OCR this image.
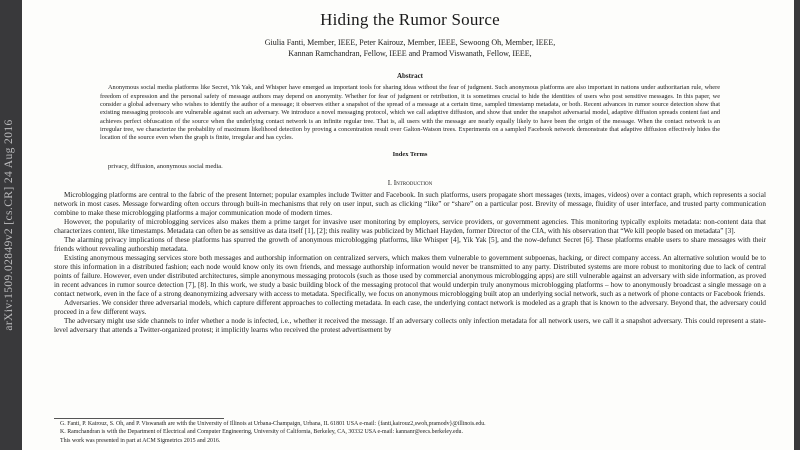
arXiv:1509.02849v2 [cs.CR] 24 Aug 2016
Hiding the Rumor Source
Giulia Fanti, Member, IEEE, Peter Kairouz, Member, IEEE, Sewoong Oh, Member, IEEE,
Kannan Ramchandran, Fellow, IEEE and Pramod Viswanath, Fellow, IEEE,
Abstract

Anonymous social media platforms like Secret, Yik Yak, and Whisper have emerged as important tools for sharing ideas without the fear of judgment. Such anonymous platforms are also important in nations under authoritarian rule, where freedom of expression and the personal safety of message authors may depend on anonymity. Whether for fear of judgment or retribution, it is sometimes crucial to hide the identities of users who post sensitive messages. In this paper, we consider a global adversary who wishes to identify the author of a message; it observes either a snapshot of the spread of a message at a certain time, sampled timestamp metadata, or both. Recent advances in rumor source detection show that existing messaging protocols are vulnerable against such an adversary. We introduce a novel messaging protocol, which we call adaptive diffusion, and show that under the snapshot adversarial model, adaptive diffusion spreads content fast and achieves perfect obfuscation of the source when the underlying contact network is an infinite regular tree. That is, all users with the message are nearly equally likely to have been the origin of the message. When the contact network is an irregular tree, we characterize the probability of maximum likelihood detection by proving a concentration result over Galton-Watson trees. Experiments on a sampled Facebook network demonstrate that adaptive diffusion effectively hides the location of the source even when the graph is finite, irregular and has cycles.

Index Terms

privacy, diffusion, anonymous social media.

I. Introduction

Microblogging platforms are central to the fabric of the present Internet; popular examples include Twitter and Facebook. In such platforms, users propagate short messages (texts, images, videos) over a contact graph, which represents a social network in most cases. Message forwarding often occurs through built-in mechanisms that rely on user input, such as clicking “like” or “share” on a particular post. Brevity of message, fluidity of user interface, and trusted party communication combine to make these microblogging platforms a major communication mode of modern times.

However, the popularity of microblogging services also makes them a prime target for invasive user monitoring by employers, service providers, or government agencies. This monitoring typically exploits metadata: non-content data that characterizes content, like timestamps. Metadata can often be as sensitive as data itself [1], [2]; this reality was publicized by Michael Hayden, former Director of the CIA, with his observation that “We kill people based on metadata” [3].

The alarming privacy implications of these platforms has spurred the growth of anonymous microblogging platforms, like Whisper [4], Yik Yak [5], and the now-defunct Secret [6]. These platforms enable users to share messages with their friends without revealing authorship metadata.

Existing anonymous messaging services store both messages and authorship information on centralized servers, which makes them vulnerable to government subpoenas, hacking, or direct company access. An alternative solution would be to store this information in a distributed fashion; each node would know only its own friends, and message authorship information would never be transmitted to any party. Distributed systems are more robust to monitoring due to lack of central points of failure. However, even under distributed architectures, simple anonymous messaging protocols (such as those used by commercial anonymous microblogging apps) are still vulnerable against an adversary with side information, as proved in recent advances in rumor source detection [7], [8]. In this work, we study a basic building block of the messaging protocol that would underpin truly anonymous microblogging platforms – how to anonymously broadcast a single message on a contact network, even in the face of a strong deanonymizing adversary with access to metadata. Specifically, we focus on anonymous microblogging built atop an underlying social network, such as a network of phone contacts or Facebook friends.

Adversaries. We consider three adversarial models, which capture different approaches to collecting metadata. In each case, the underlying contact network is modeled as a graph that is known to the adversary. Beyond that, the adversary could proceed in a few different ways.

The adversary might use side channels to infer whether a node is infected, i.e., whether it received the message. If an adversary collects only infection metadata for all network users, we call it a snapshot adversary. This could represent a state-level adversary that attends a Twitter-organized protest; it implicitly learns who received the protest advertisement by

G. Fanti, P. Kairouz, S. Oh, and P. Viswanath are with the University of Illinois at Urbana-Champaign, Urbana, IL 61801 USA e-mail: {fanti,kairouz2,swoh,pramodv}@illinois.edu.

K. Ramchandran is with the Department of Electrical and Computer Engineering, University of California, Berkeley, CA, 30332 USA e-mail: kannanr@eecs.berkeley.edu.

This work was presented in part at ACM Sigmetrics 2015 and 2016.
